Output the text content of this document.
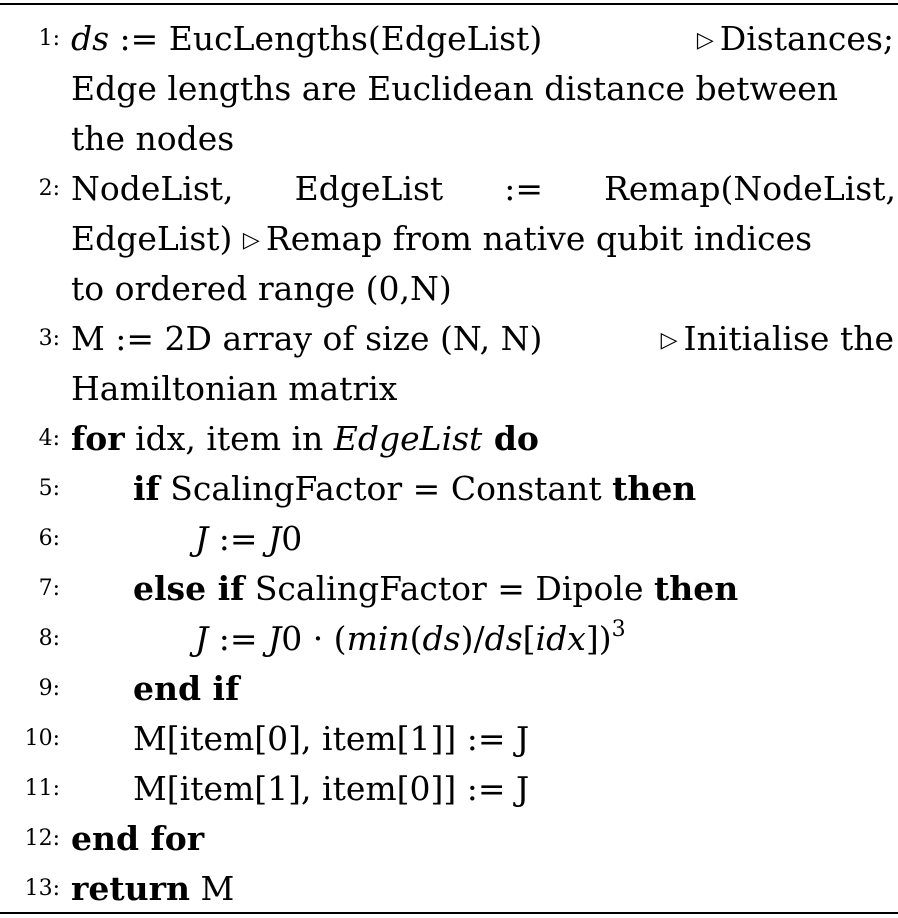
1: ds := EucLengths(EdgeList)	▷ Distances;
Edge lengths are Euclidean distance between
the nodes
2: NodeList, EdgeList := Remap(NodeList,
EdgeList) ▷ Remap from native qubit indices
to ordered range (0,N)
3: M := 2D array of size (N, N)	▷ Initialise the
Hamiltonian matrix
4: for idx, item in EdgeList do
5: if ScalingFactor = Constant then
6:	J := J0
7: else if ScalingFactor = Dipole then
8:	J := $J0 \cdot (\min(ds)/ds[idx])^3$
9: end if
10: M[item[0], item[1]] := J
11: M[item[1], item[0]] := J
12: end for
13: return M
